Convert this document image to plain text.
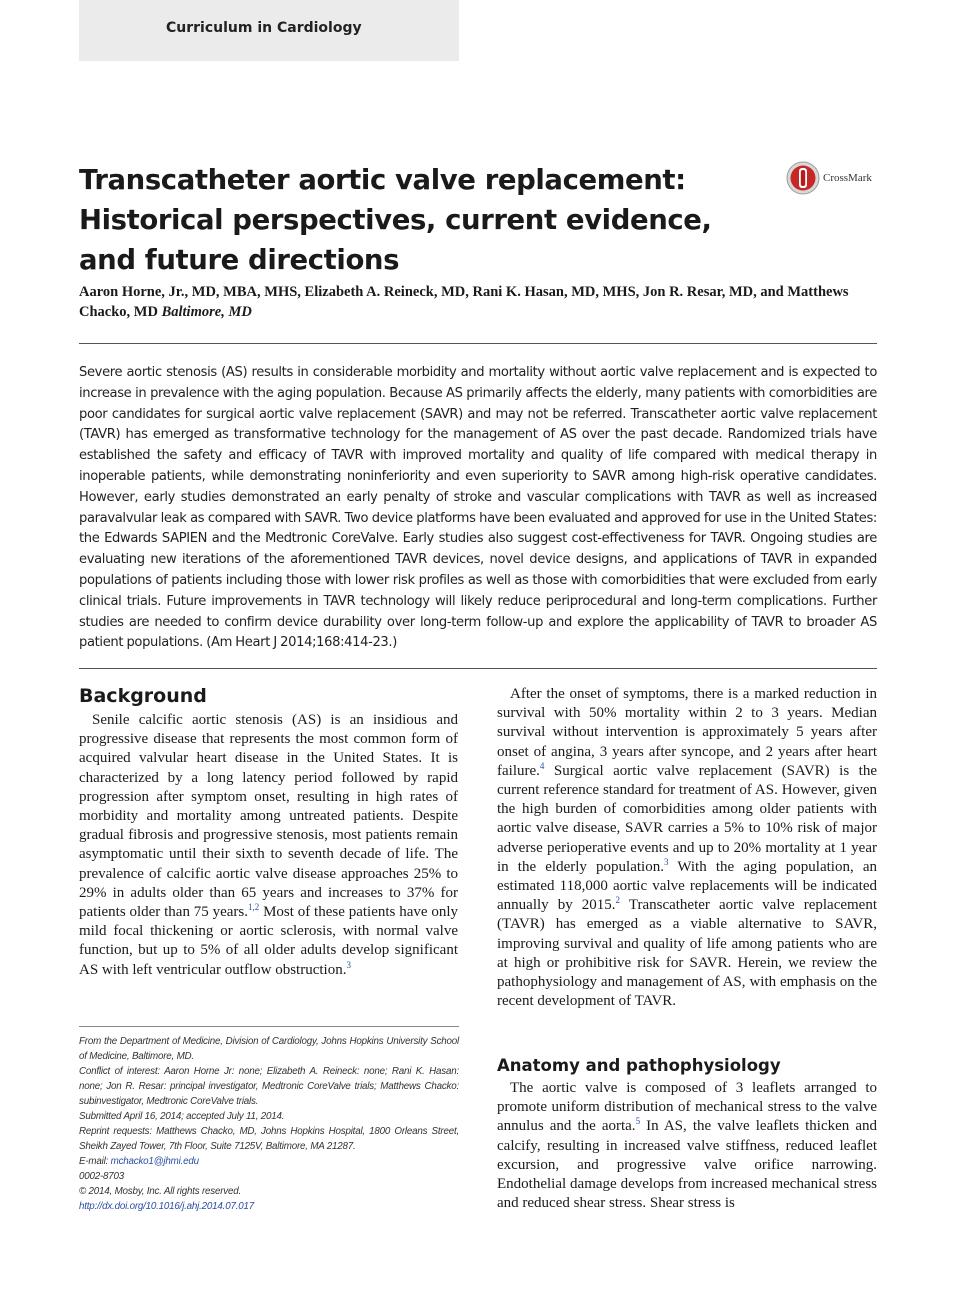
Curriculum in Cardiology
Transcatheter aortic valve replacement: Historical perspectives, current evidence, and future directions
CrossMark

Aaron Horne, Jr., MD, MBA, MHS, Elizabeth A. Reineck, MD, Rani K. Hasan, MD, MHS, Jon R. Resar, MD, and Matthews Chacko, MD Baltimore, MD

Severe aortic stenosis (AS) results in considerable morbidity and mortality without aortic valve replacement and is expected to increase in prevalence with the aging population. Because AS primarily affects the elderly, many patients with comorbidities are poor candidates for surgical aortic valve replacement (SAVR) and may not be referred. Transcatheter aortic valve replacement (TAVR) has emerged as transformative technology for the management of AS over the past decade. Randomized trials have established the safety and efficacy of TAVR with improved mortality and quality of life compared with medical therapy in inoperable patients, while demonstrating noninferiority and even superiority to SAVR among high-risk operative candidates. However, early studies demonstrated an early penalty of stroke and vascular complications with TAVR as well as increased paravalvular leak as compared with SAVR. Two device platforms have been evaluated and approved for use in the United States: the Edwards SAPIEN and the Medtronic CoreValve. Early studies also suggest cost-effectiveness for TAVR. Ongoing studies are evaluating new iterations of the aforementioned TAVR devices, novel device designs, and applications of TAVR in expanded populations of patients including those with lower risk profiles as well as those with comorbidities that were excluded from early clinical trials. Future improvements in TAVR technology will likely reduce periprocedural and long-term complications. Further studies are needed to confirm device durability over long-term follow-up and explore the applicability of TAVR to broader AS patient populations. (Am Heart J 2014;168:414-23.)

Background

Senile calcific aortic stenosis (AS) is an insidious and progressive disease that represents the most common form of acquired valvular heart disease in the United States. It is characterized by a long latency period followed by rapid progression after symptom onset, resulting in high rates of morbidity and mortality among untreated patients. Despite gradual fibrosis and progressive stenosis, most patients remain asymptomatic until their sixth to seventh decade of life. The prevalence of calcific aortic valve disease approaches 25% to 29% in adults older than 65 years and increases to 37% for patients older than 75 years.$^{1,2}$ Most of these patients have only mild focal thickening or aortic sclerosis, with normal valve function, but up to 5% of all older adults develop significant AS with left ventricular outflow obstruction.$^3$

After the onset of symptoms, there is a marked reduction in survival with 50% mortality within 2 to 3 years. Median survival without intervention is approximately 5 years after onset of angina, 3 years after syncope, and 2 years after heart failure.$^4$ Surgical aortic valve replacement (SAVR) is the current reference standard for treatment of AS. However, given the high burden of comorbidities among older patients with aortic valve disease, SAVR carries a 5% to 10% risk of major adverse perioperative events and up to 20% mortality at 1 year in the elderly population.$^3$ With the aging population, an estimated 118,000 aortic valve replacements will be indicated annually by 2015.$^2$ Transcatheter aortic valve replacement (TAVR) has emerged as a viable alternative to SAVR, improving survival and quality of life among patients who are at high or prohibitive risk for SAVR. Herein, we review the pathophysiology and management of AS, with emphasis on the recent development of TAVR.

Anatomy and pathophysiology

The aortic valve is composed of 3 leaflets arranged to promote uniform distribution of mechanical stress to the valve annulus and the aorta.$^5$ In AS, the valve leaflets thicken and calcify, resulting in increased valve stiffness, reduced leaflet excursion, and progressive valve orifice narrowing. Endothelial damage develops from increased mechanical stress and reduced shear stress. Shear stress is

From the Department of Medicine, Division of Cardiology, Johns Hopkins University School of Medicine, Baltimore, MD.
Conflict of interest: Aaron Horne Jr: none; Elizabeth A. Reineck: none; Rani K. Hasan: none; Jon R. Resar: principal investigator, Medtronic CoreValve trials; Matthews Chacko: subinvestigator, Medtronic CoreValve trials.
Submitted April 16, 2014; accepted July 11, 2014.
Reprint requests: Matthews Chacko, MD, Johns Hopkins Hospital, 1800 Orleans Street, Sheikh Zayed Tower, 7th Floor, Suite 7125V, Baltimore, MA 21287.
E-mail: mchacko1@jhmi.edu
0002-8703
© 2014, Mosby, Inc. All rights reserved.
http://dx.doi.org/10.1016/j.ahj.2014.07.017
